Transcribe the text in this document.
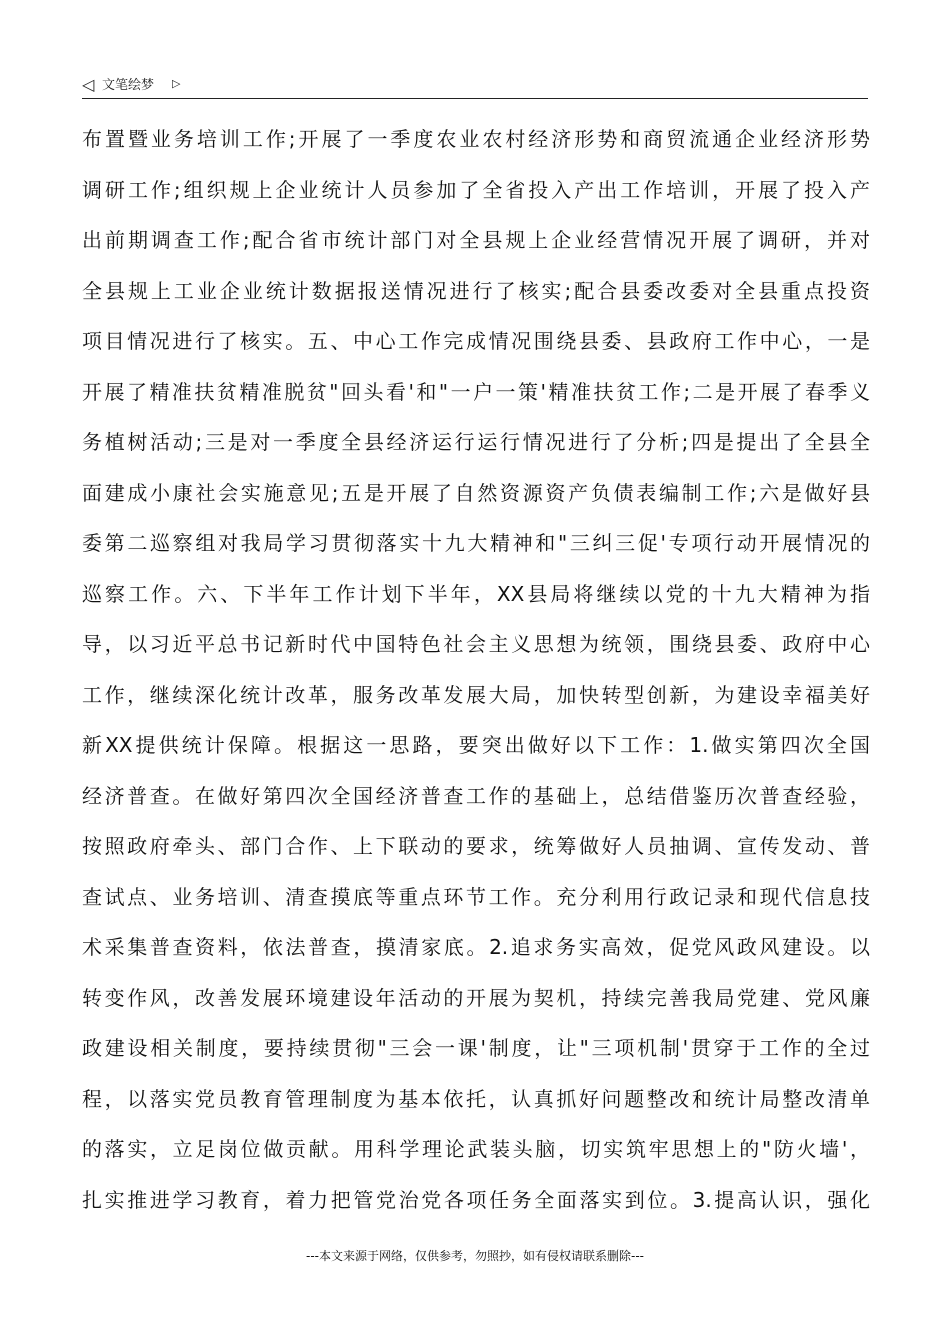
◁ 文笔绘梦 ▷
布置暨业务培训工作;开展了一季度农业农村经济形势和商贸流通企业经济形势
调研工作;组织规上企业统计人员参加了全省投入产出工作培训，开展了投入产
出前期调查工作;配合省市统计部门对全县规上企业经营情况开展了调研，并对
全县规上工业企业统计数据报送情况进行了核实;配合县委改委对全县重点投资
项目情况进行了核实。五、中心工作完成情况围绕县委、县政府工作中心，一是
开展了精准扶贫精准脱贫"回头看'和"一户一策'精准扶贫工作;二是开展了春季义
务植树活动;三是对一季度全县经济运行运行情况进行了分析;四是提出了全县全
面建成小康社会实施意见;五是开展了自然资源资产负债表编制工作;六是做好县
委第二巡察组对我局学习贯彻落实十九大精神和"三纠三促'专项行动开展情况的
巡察工作。六、下半年工作计划下半年，XX县局将继续以党的十九大精神为指
导，以习近平总书记新时代中国特色社会主义思想为统领，围绕县委、政府中心
工作，继续深化统计改革，服务改革发展大局，加快转型创新，为建设幸福美好
新XX提供统计保障。根据这一思路，要突出做好以下工作：1.做实第四次全国
经济普查。在做好第四次全国经济普查工作的基础上，总结借鉴历次普查经验，
按照政府牵头、部门合作、上下联动的要求，统筹做好人员抽调、宣传发动、普
查试点、业务培训、清查摸底等重点环节工作。充分利用行政记录和现代信息技
术采集普查资料，依法普查，摸清家底。2.追求务实高效，促党风政风建设。以
转变作风，改善发展环境建设年活动的开展为契机，持续完善我局党建、党风廉
政建设相关制度，要持续贯彻"三会一课'制度，让"三项机制'贯穿于工作的全过
程，以落实党员教育管理制度为基本依托，认真抓好问题整改和统计局整改清单
的落实，立足岗位做贡献。用科学理论武装头脑，切实筑牢思想上的"防火墙'，
扎实推进学习教育，着力把管党治党各项任务全面落实到位。3.提高认识，强化
---本文来源于网络，仅供参考，勿照抄，如有侵权请联系删除---
